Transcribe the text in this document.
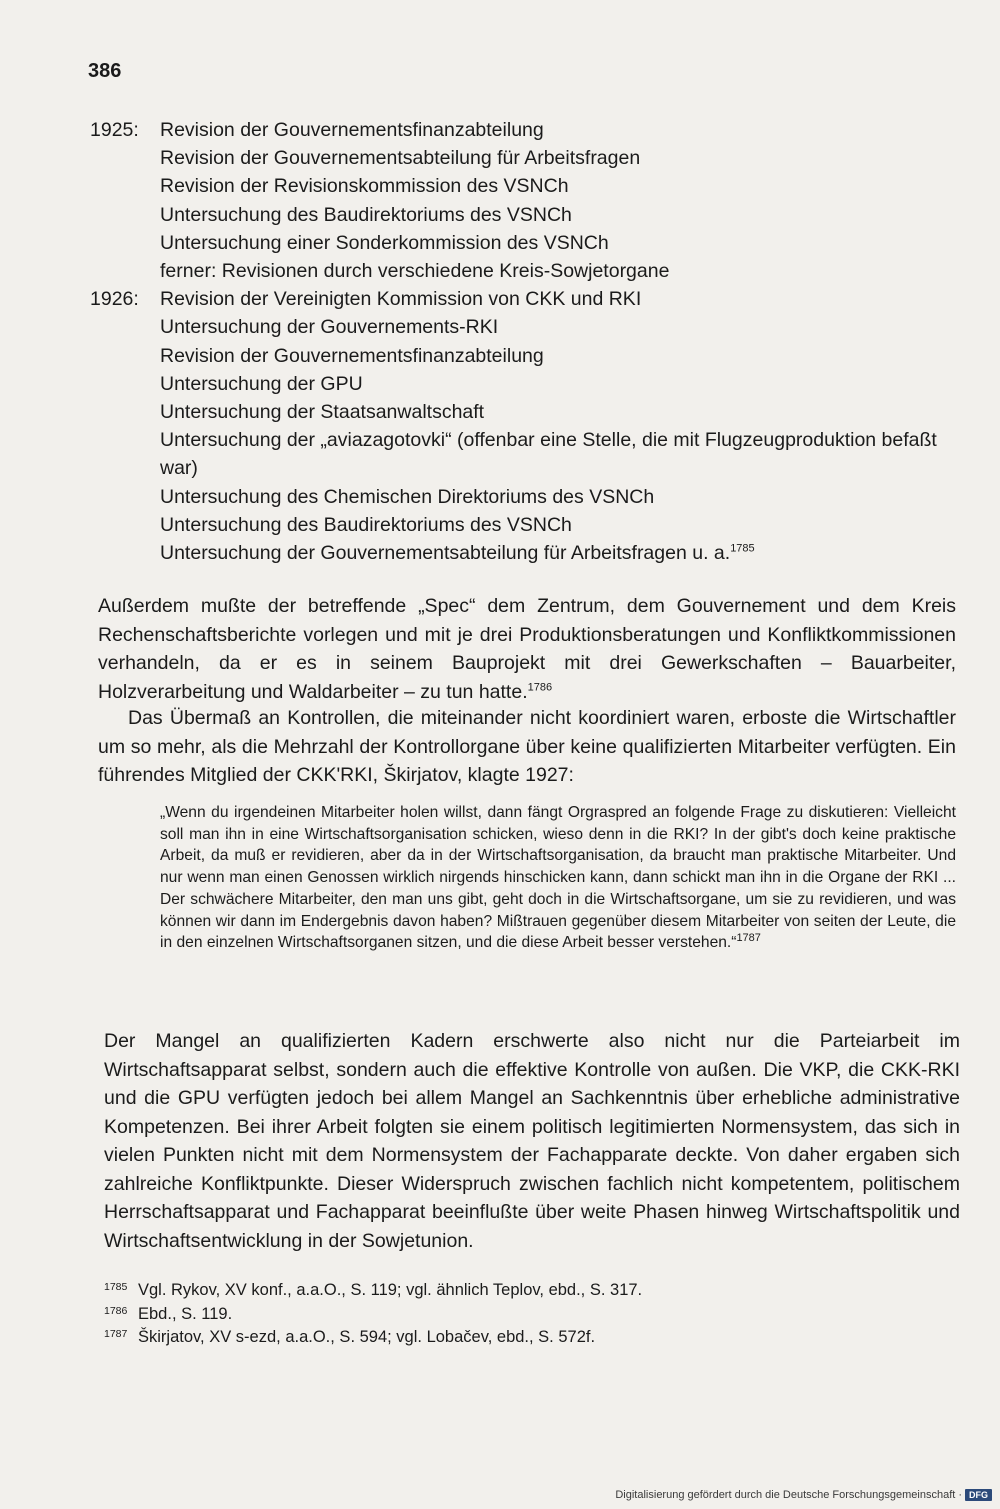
386
1925:	Revision der Gouvernementsfinanzabteilung
Revision der Gouvernementsabteilung für Arbeitsfragen
Revision der Revisionskommission des VSNCh
Untersuchung des Baudirektoriums des VSNCh
Untersuchung einer Sonderkommission des VSNCh
ferner: Revisionen durch verschiedene Kreis-Sowjetorgane
1926:	Revision der Vereinigten Kommission von CKK und RKI
Untersuchung der Gouvernements-RKI
Revision der Gouvernementsfinanzabteilung
Untersuchung der GPU
Untersuchung der Staatsanwaltschaft
Untersuchung der „aviazagotovki“ (offenbar eine Stelle, die mit Flugzeugproduktion befaßt war)
Untersuchung des Chemischen Direktoriums des VSNCh
Untersuchung des Baudirektoriums des VSNCh
Untersuchung der Gouvernementsabteilung für Arbeitsfragen u. a.$^{1785}$

Außerdem mußte der betreffende „Spec“ dem Zentrum, dem Gouvernement und dem Kreis Rechenschaftsberichte vorlegen und mit je drei Produktionsberatungen und Konfliktkommissionen verhandeln, da er es in seinem Bauprojekt mit drei Gewerkschaften – Bauarbeiter, Holzverarbeitung und Waldarbeiter – zu tun hatte.$^{1786}$

Das Übermaß an Kontrollen, die miteinander nicht koordiniert waren, erboste die Wirtschaftler um so mehr, als die Mehrzahl der Kontrollorgane über keine qualifizierten Mitarbeiter verfügten. Ein führendes Mitglied der CKK'RKI, Škirjatov, klagte 1927:

„Wenn du irgendeinen Mitarbeiter holen willst, dann fängt Orgraspred an folgende Frage zu diskutieren: Vielleicht soll man ihn in eine Wirtschaftsorganisation schicken, wieso denn in die RKI? In der gibt's doch keine praktische Arbeit, da muß er revidieren, aber da in der Wirtschaftsorganisation, da braucht man praktische Mitarbeiter. Und nur wenn man einen Genossen wirklich nirgends hinschicken kann, dann schickt man ihn in die Organe der RKI ... Der schwächere Mitarbeiter, den man uns gibt, geht doch in die Wirtschaftsorgane, um sie zu revidieren, und was können wir dann im Endergebnis davon haben? Mißtrauen gegenüber diesem Mitarbeiter von seiten der Leute, die in den einzelnen Wirtschaftsorganen sitzen, und die diese Arbeit besser verstehen.“$^{1787}$

Der Mangel an qualifizierten Kadern erschwerte also nicht nur die Parteiarbeit im Wirtschaftsapparat selbst, sondern auch die effektive Kontrolle von außen. Die VKP, die CKK-RKI und die GPU verfügten jedoch bei allem Mangel an Sachkenntnis über erhebliche administrative Kompetenzen. Bei ihrer Arbeit folgten sie einem politisch legitimierten Normensystem, das sich in vielen Punkten nicht mit dem Normensystem der Fachapparate deckte. Von daher ergaben sich zahlreiche Konfliktpunkte. Dieser Widerspruch zwischen fachlich nicht kompetentem, politischem Herrschaftsapparat und Fachapparat beeinflußte über weite Phasen hinweg Wirtschaftspolitik und Wirtschaftsentwicklung in der Sowjetunion.

1785 Vgl. Rykov, XV konf., a.a.O., S. 119; vgl. ähnlich Teplov, ebd., S. 317.
1786 Ebd., S. 119.
1787 Škirjatov, XV s-ezd, a.a.O., S. 594; vgl. Lobačev, ebd., S. 572f.
Digitalisierung gefördert durch die Deutsche Forschungsgemeinschaft · DFG
